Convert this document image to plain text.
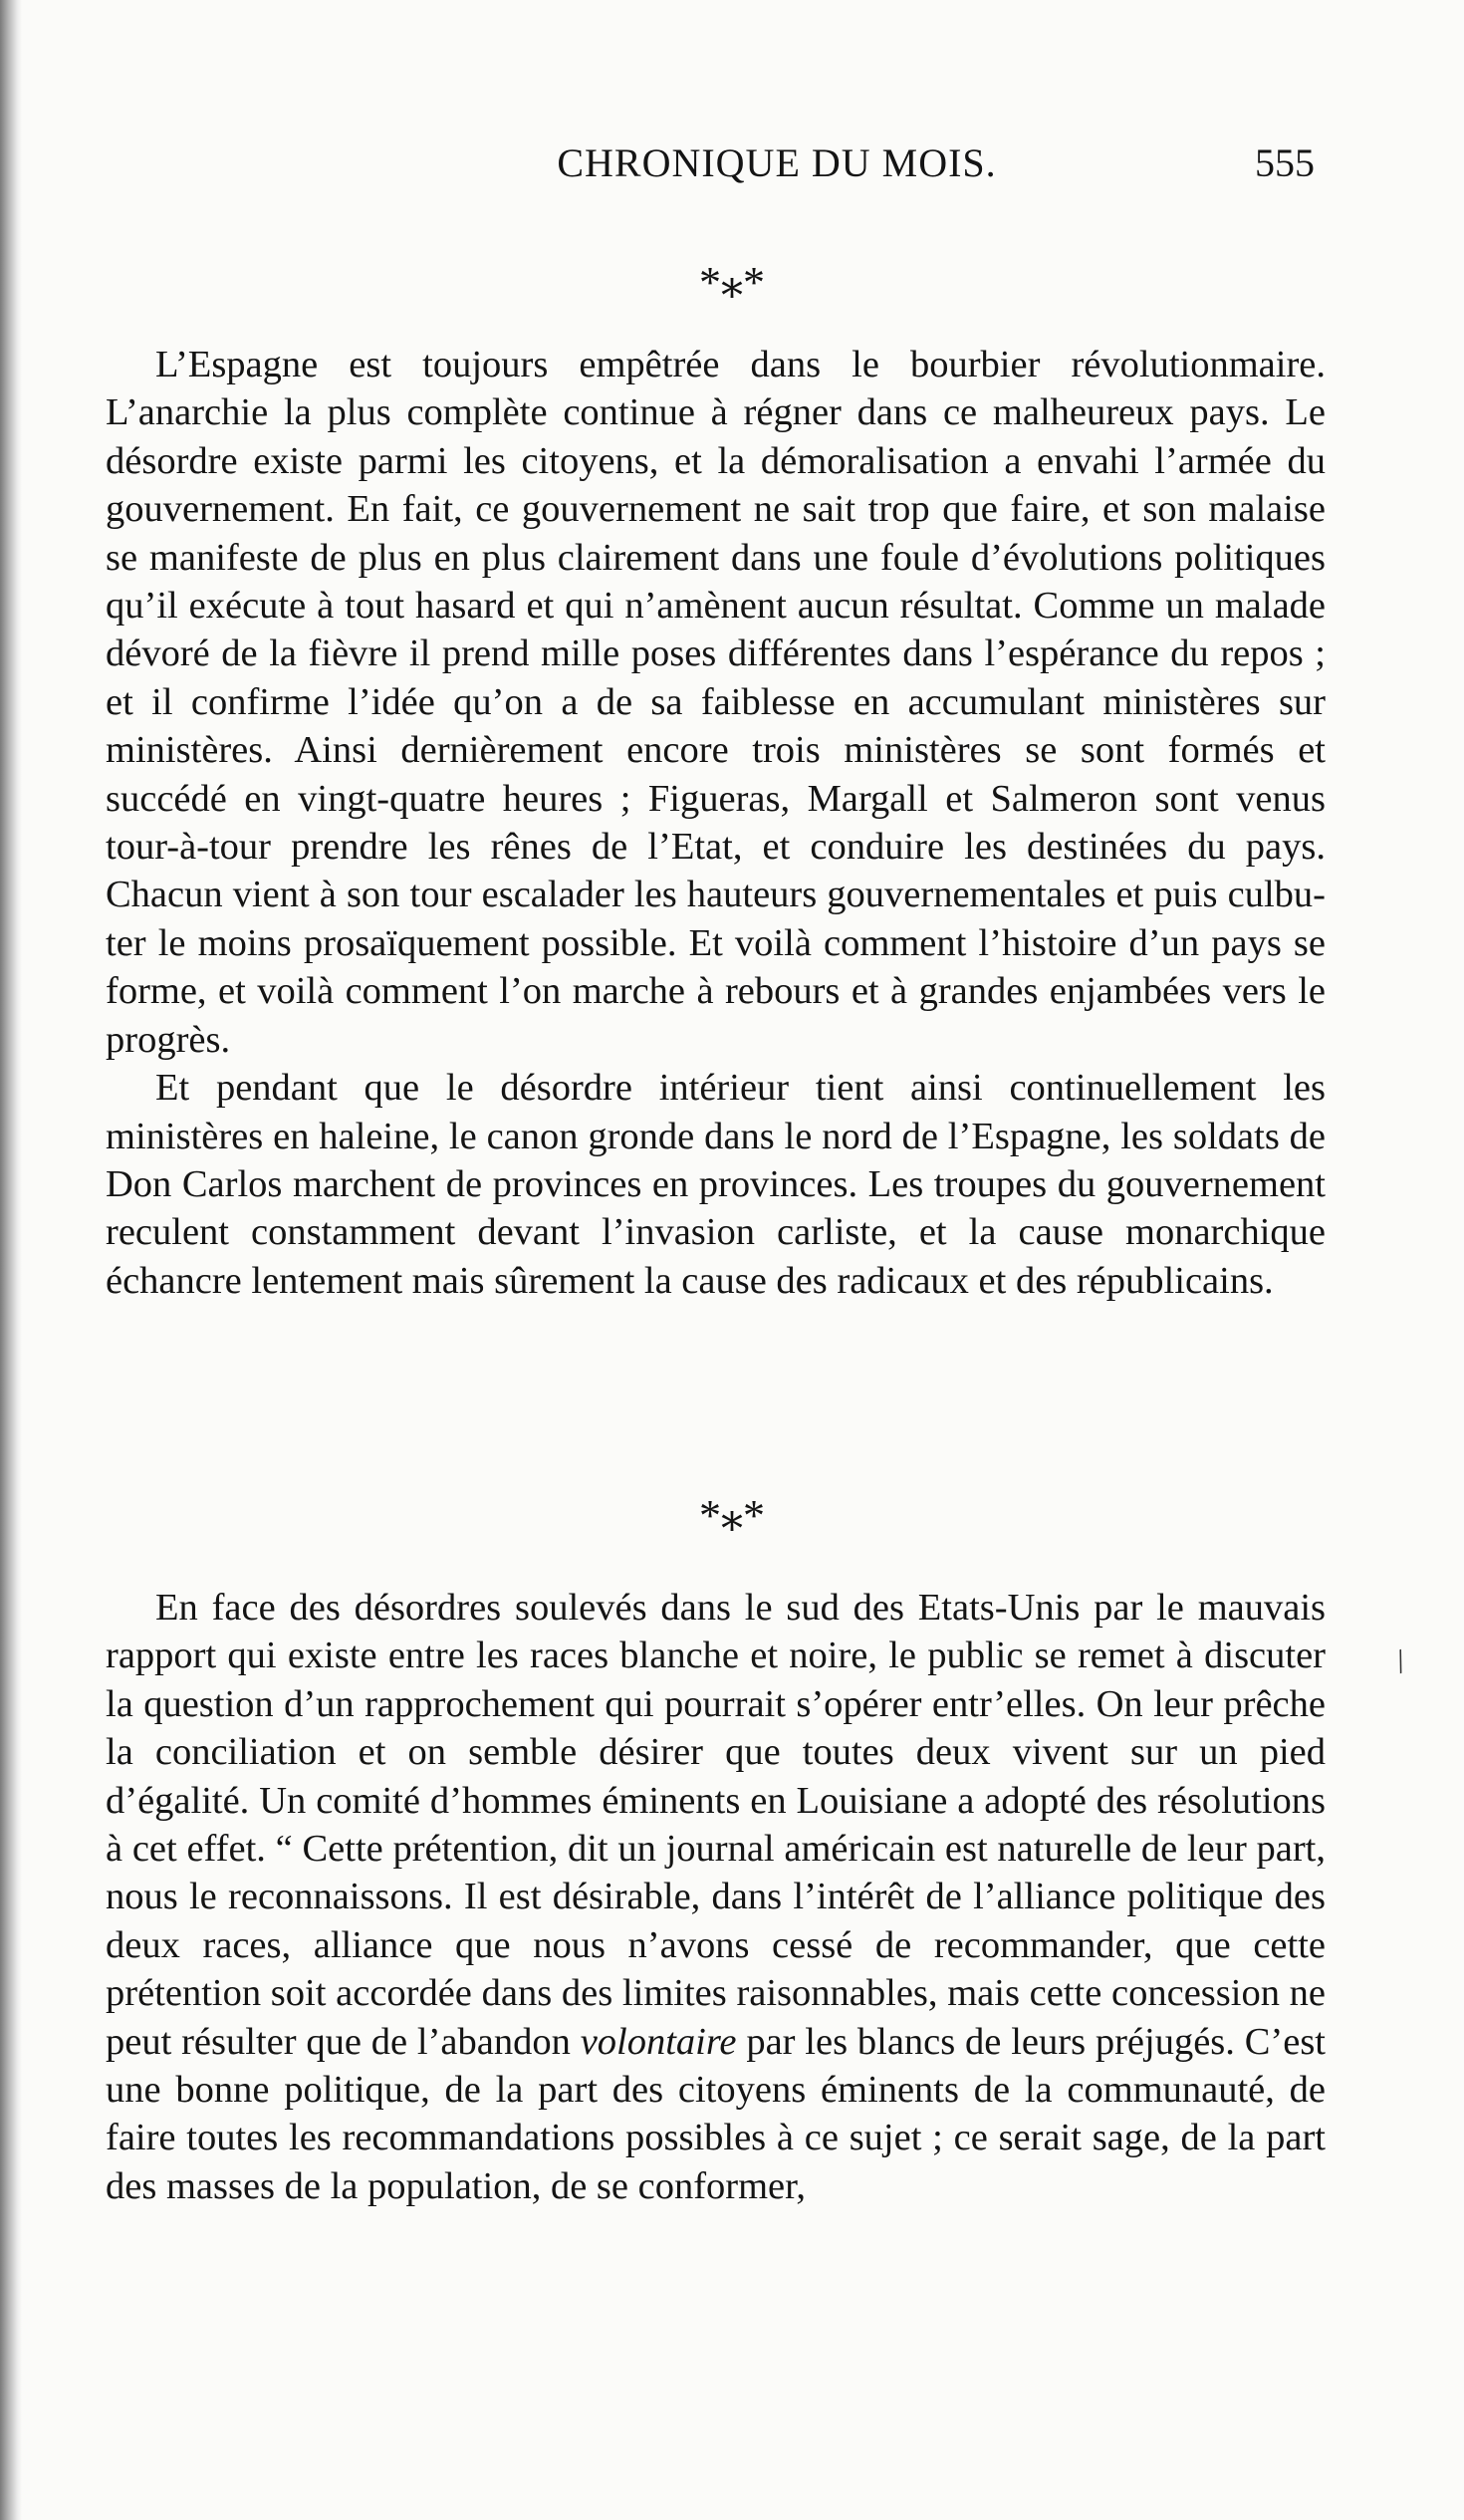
CHRONIQUE DU MOIS.	555
*⁎*

L’Espagne est toujours empêtrée dans le bourbier révolutionmaire. L’anarchie la plus complète continue à régner dans ce malheureux pays. Le désordre existe parmi les citoyens, et la démoralisation a envahi l’armée du gouvernement. En fait, ce gouvernement ne sait trop que faire, et son malaise se manifeste de plus en plus clairement dans une foule d’évolutions politiques qu’il exécute à tout hasard et qui n’amènent aucun résultat. Comme un malade dévoré de la fièvre il prend mille poses différentes dans l’espérance du repos ; et il confirme l’idée qu’on a de sa faiblesse en accumulant ministères sur ministères. Ainsi dernièrement encore trois ministères se sont formés et succédé en vingt-quatre heures ; Figueras, Margall et Salmeron sont venus tour-à-tour prendre les rênes de l’Etat, et conduire les destinées du pays. Chacun vient à son tour escalader les hauteurs gouvernementales et puis culbuter le moins prosaïquement possible. Et voilà comment l’histoire d’un pays se forme, et voilà comment l’on marche à rebours et à grandes enjambées vers le progrès.

Et pendant que le désordre intérieur tient ainsi continuellement les ministères en haleine, le canon gronde dans le nord de l’Espagne, les soldats de Don Carlos marchent de provinces en provinces. Les troupes du gouvernement reculent constamment devant l’invasion carliste, et la cause monarchique échancre lentement mais sûrement la cause des radicaux et des républicains.

*⁎*

En face des désordres soulevés dans le sud des Etats-Unis par le mauvais rapport qui existe entre les races blanche et noire, le public se remet à discuter la question d’un rapprochement qui pourrait s’opérer entr’elles. On leur prêche la conciliation et on semble désirer que toutes deux vivent sur un pied d’égalité. Un comité d’hommes éminents en Louisiane a adopté des résolutions à cet effet. “ Cette prétention, dit un journal américain est naturelle de leur part, nous le reconnaissons. Il est désirable, dans l’intérêt de l’alliance politique des deux races, alliance que nous n’avons cessé de recommander, que cette prétention soit accordée dans des limites raisonnables, mais cette concession ne peut résulter que de l’abandon volontaire par les blancs de leurs préjugés. C’est une bonne politique, de la part des citoyens éminents de la communauté, de faire toutes les recommandations possibles à ce sujet ; ce serait sage, de la part des masses de la population, de se conformer,

/
